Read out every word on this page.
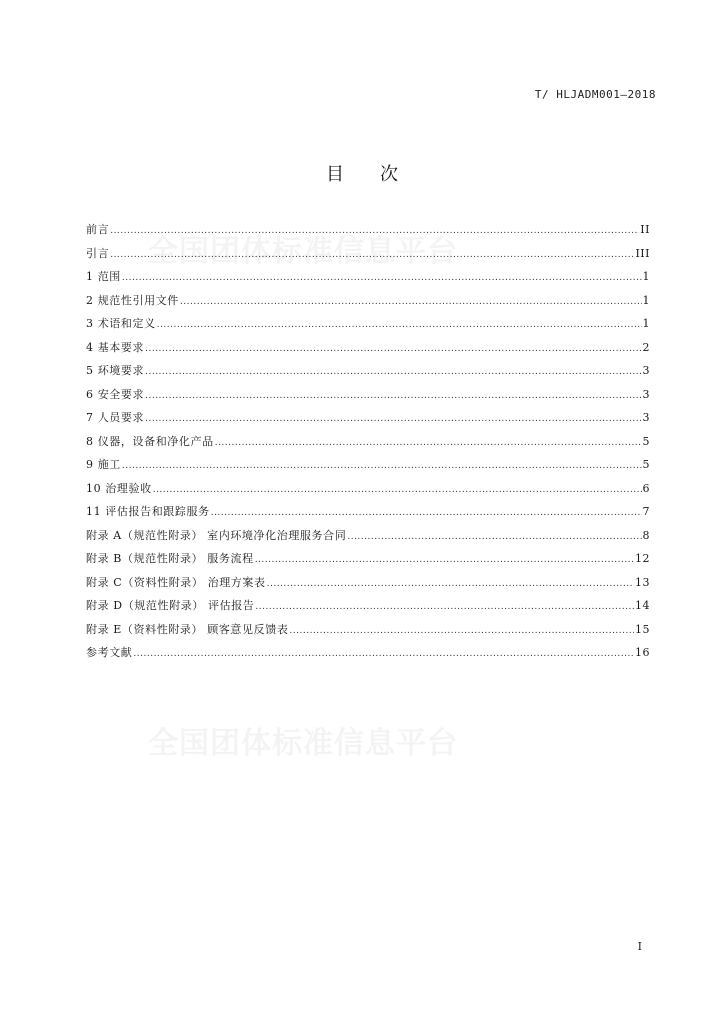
T/ HLJADM001—2018
目次
全国团体标准信息平台
全国团体标准信息平台
前言 .....	II
引言 .....	III
1 范围 .....	1
2 规范性引用文件 .....	1
3 术语和定义 .....	1
4 基本要求 .....	2
5 环境要求 .....	3
6 安全要求 .....	3
7 人员要求 .....	3
8 仪器，设备和净化产品 .....	5
9 施工 .....	5
10 治理验收 .....	6
11 评估报告和跟踪服务 .....	7
附录 A（规范性附录） 室内环境净化治理服务合同 .....	8
附录 B（规范性附录） 服务流程 .....	12
附录 C（资料性附录） 治理方案表 .....	13
附录 D（规范性附录） 评估报告 .....	14
附录 E（资料性附录） 顾客意见反馈表 .....	15
参考文献 .....	16
I
